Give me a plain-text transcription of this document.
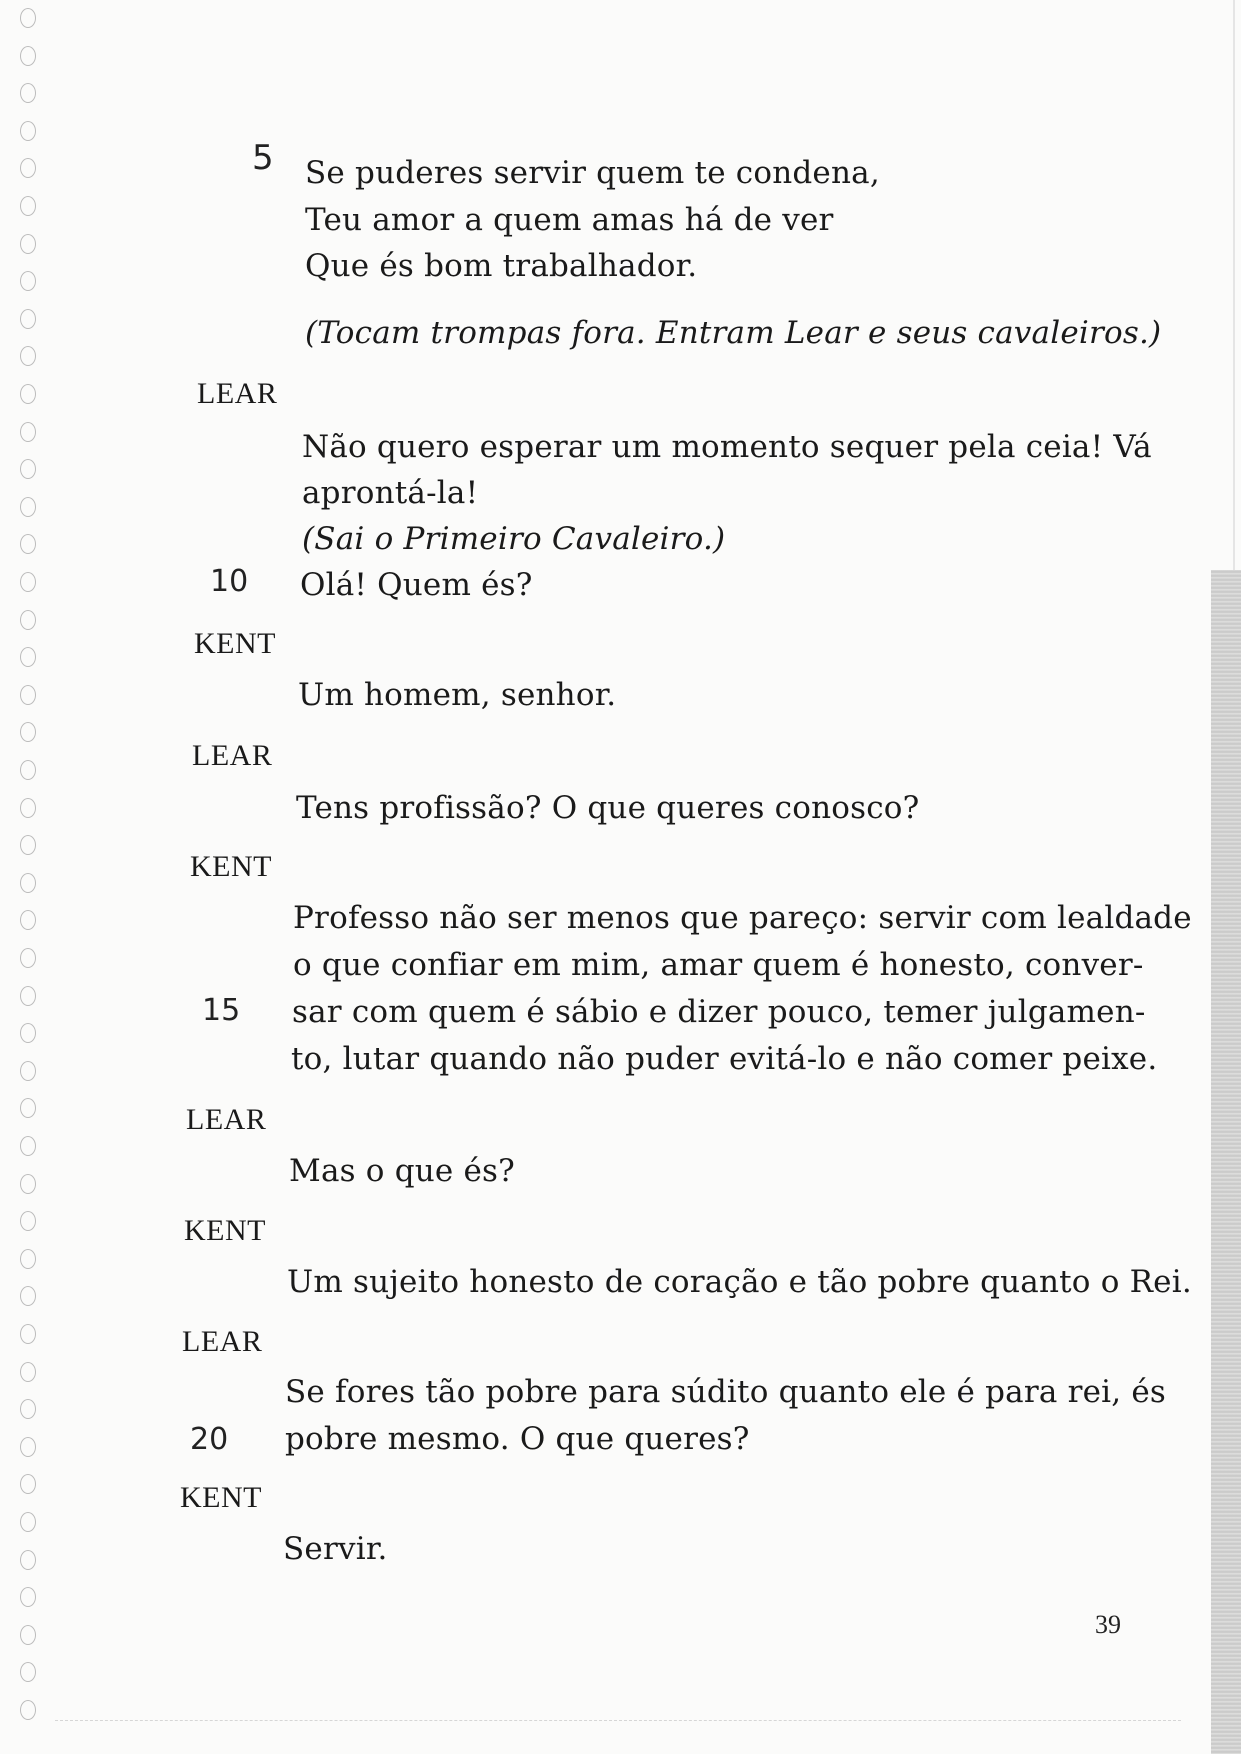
5
10
15
20
Se puderes servir quem te condena,
Teu amor a quem amas há de ver
Que és bom trabalhador.
(Tocam trompas fora. Entram Lear e seus cavaleiros.)
LEAR
Não quero esperar um momento sequer pela ceia! Vá
aprontá-la!
(Sai o Primeiro Cavaleiro.)
Olá! Quem és?
KENT
Um homem, senhor.
LEAR
Tens profissão? O que queres conosco?
KENT
Professo não ser menos que pareço: servir com lealdade
o que confiar em mim, amar quem é honesto, conver-
sar com quem é sábio e dizer pouco, temer julgamen-
to, lutar quando não puder evitá-lo e não comer peixe.
LEAR
Mas o que és?
KENT
Um sujeito honesto de coração e tão pobre quanto o Rei.
LEAR
Se fores tão pobre para súdito quanto ele é para rei, és
pobre mesmo. O que queres?
KENT
Servir.
39
